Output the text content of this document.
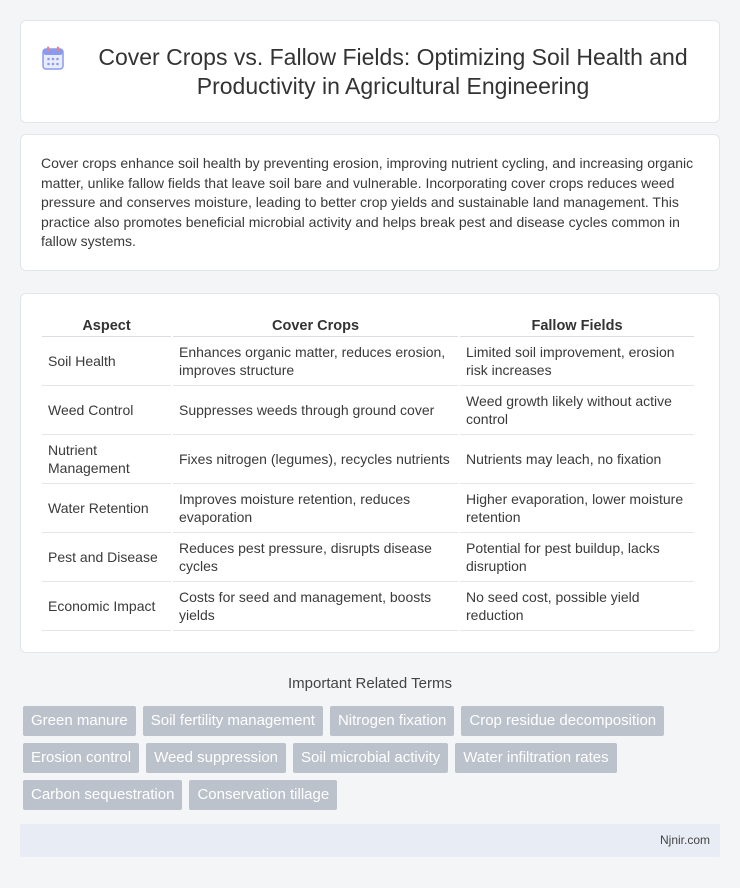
Cover Crops vs. Fallow Fields: Optimizing Soil Health and Productivity in Agricultural Engineering

Cover crops enhance soil health by preventing erosion, improving nutrient cycling, and increasing organic matter, unlike fallow fields that leave soil bare and vulnerable. Incorporating cover crops reduces weed pressure and conserves moisture, leading to better crop yields and sustainable land management. This practice also promotes beneficial microbial activity and helps break pest and disease cycles common in fallow systems.

Aspect	Cover Crops	Fallow Fields
Soil Health	Enhances organic matter, reduces erosion, improves structure	Limited soil improvement, erosion risk increases
Weed Control	Suppresses weeds through ground cover	Weed growth likely without active control
Nutrient Management	Fixes nitrogen (legumes), recycles nutrients	Nutrients may leach, no fixation
Water Retention	Improves moisture retention, reduces evaporation	Higher evaporation, lower moisture retention
Pest and Disease	Reduces pest pressure, disrupts disease cycles	Potential for pest buildup, lacks disruption
Economic Impact	Costs for seed and management, boosts yields	No seed cost, possible yield reduction
Important Related Terms
Green manure	Soil fertility management	Nitrogen fixation	Crop residue decomposition
Erosion control	Weed suppression	Soil microbial activity	Water infiltration rates
Carbon sequestration	Conservation tillage
Njnir.com
